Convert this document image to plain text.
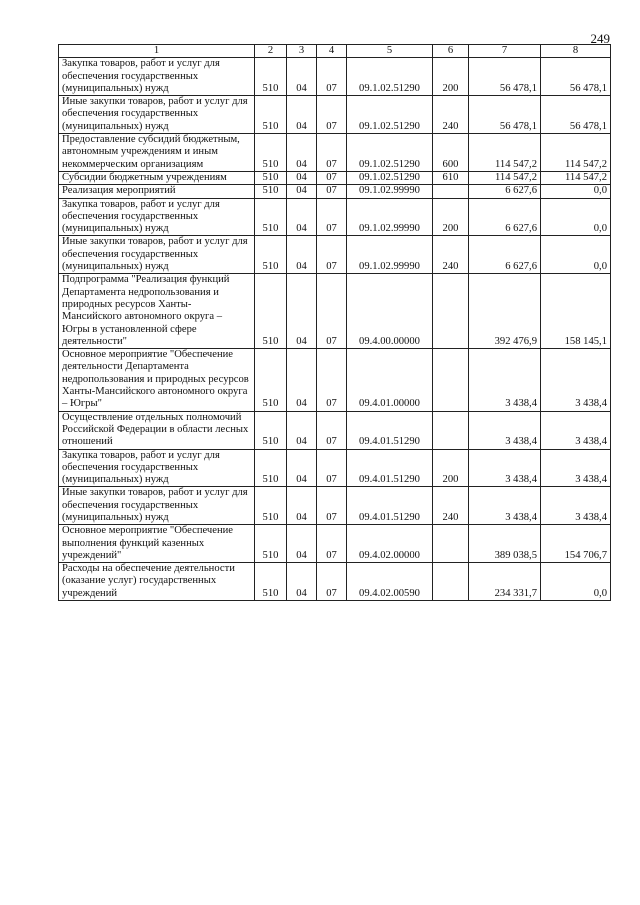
249
1	2	3	4	5	6	7	8
Закупка товаров, работ и услуг для обеспечения государственных (муниципальных) нужд	510	04	07	09.1.02.51290	200	56 478,1	56 478,1
Иные закупки товаров, работ и услуг для обеспечения государственных (муниципальных) нужд	510	04	07	09.1.02.51290	240	56 478,1	56 478,1
Предоставление субсидий бюджетным, автономным учреждениям и иным некоммерческим организациям	510	04	07	09.1.02.51290	600	114 547,2	114 547,2
Субсидии бюджетным учреждениям	510	04	07	09.1.02.51290	610	114 547,2	114 547,2
Реализация мероприятий	510	04	07	09.1.02.99990		6 627,6	0,0
Закупка товаров, работ и услуг для обеспечения государственных (муниципальных) нужд	510	04	07	09.1.02.99990	200	6 627,6	0,0
Иные закупки товаров, работ и услуг для обеспечения государственных (муниципальных) нужд	510	04	07	09.1.02.99990	240	6 627,6	0,0
Подпрограмма "Реализация функций Департамента недропользования и природных ресурсов Ханты-Мансийского автономного округа – Югры в установленной сфере деятельности"	510	04	07	09.4.00.00000		392 476,9	158 145,1
Основное мероприятие "Обеспечение деятельности Департамента недропользования и природных ресурсов Ханты-Мансийского автономного округа – Югры"	510	04	07	09.4.01.00000		3 438,4	3 438,4
Осуществление отдельных полномочий Российской Федерации в области лесных отношений	510	04	07	09.4.01.51290		3 438,4	3 438,4
Закупка товаров, работ и услуг для обеспечения государственных (муниципальных) нужд	510	04	07	09.4.01.51290	200	3 438,4	3 438,4
Иные закупки товаров, работ и услуг для обеспечения государственных (муниципальных) нужд	510	04	07	09.4.01.51290	240	3 438,4	3 438,4
Основное мероприятие "Обеспечение выполнения функций казенных учреждений"	510	04	07	09.4.02.00000		389 038,5	154 706,7
Расходы на обеспечение деятельности (оказание услуг) государственных учреждений	510	04	07	09.4.02.00590		234 331,7	0,0
